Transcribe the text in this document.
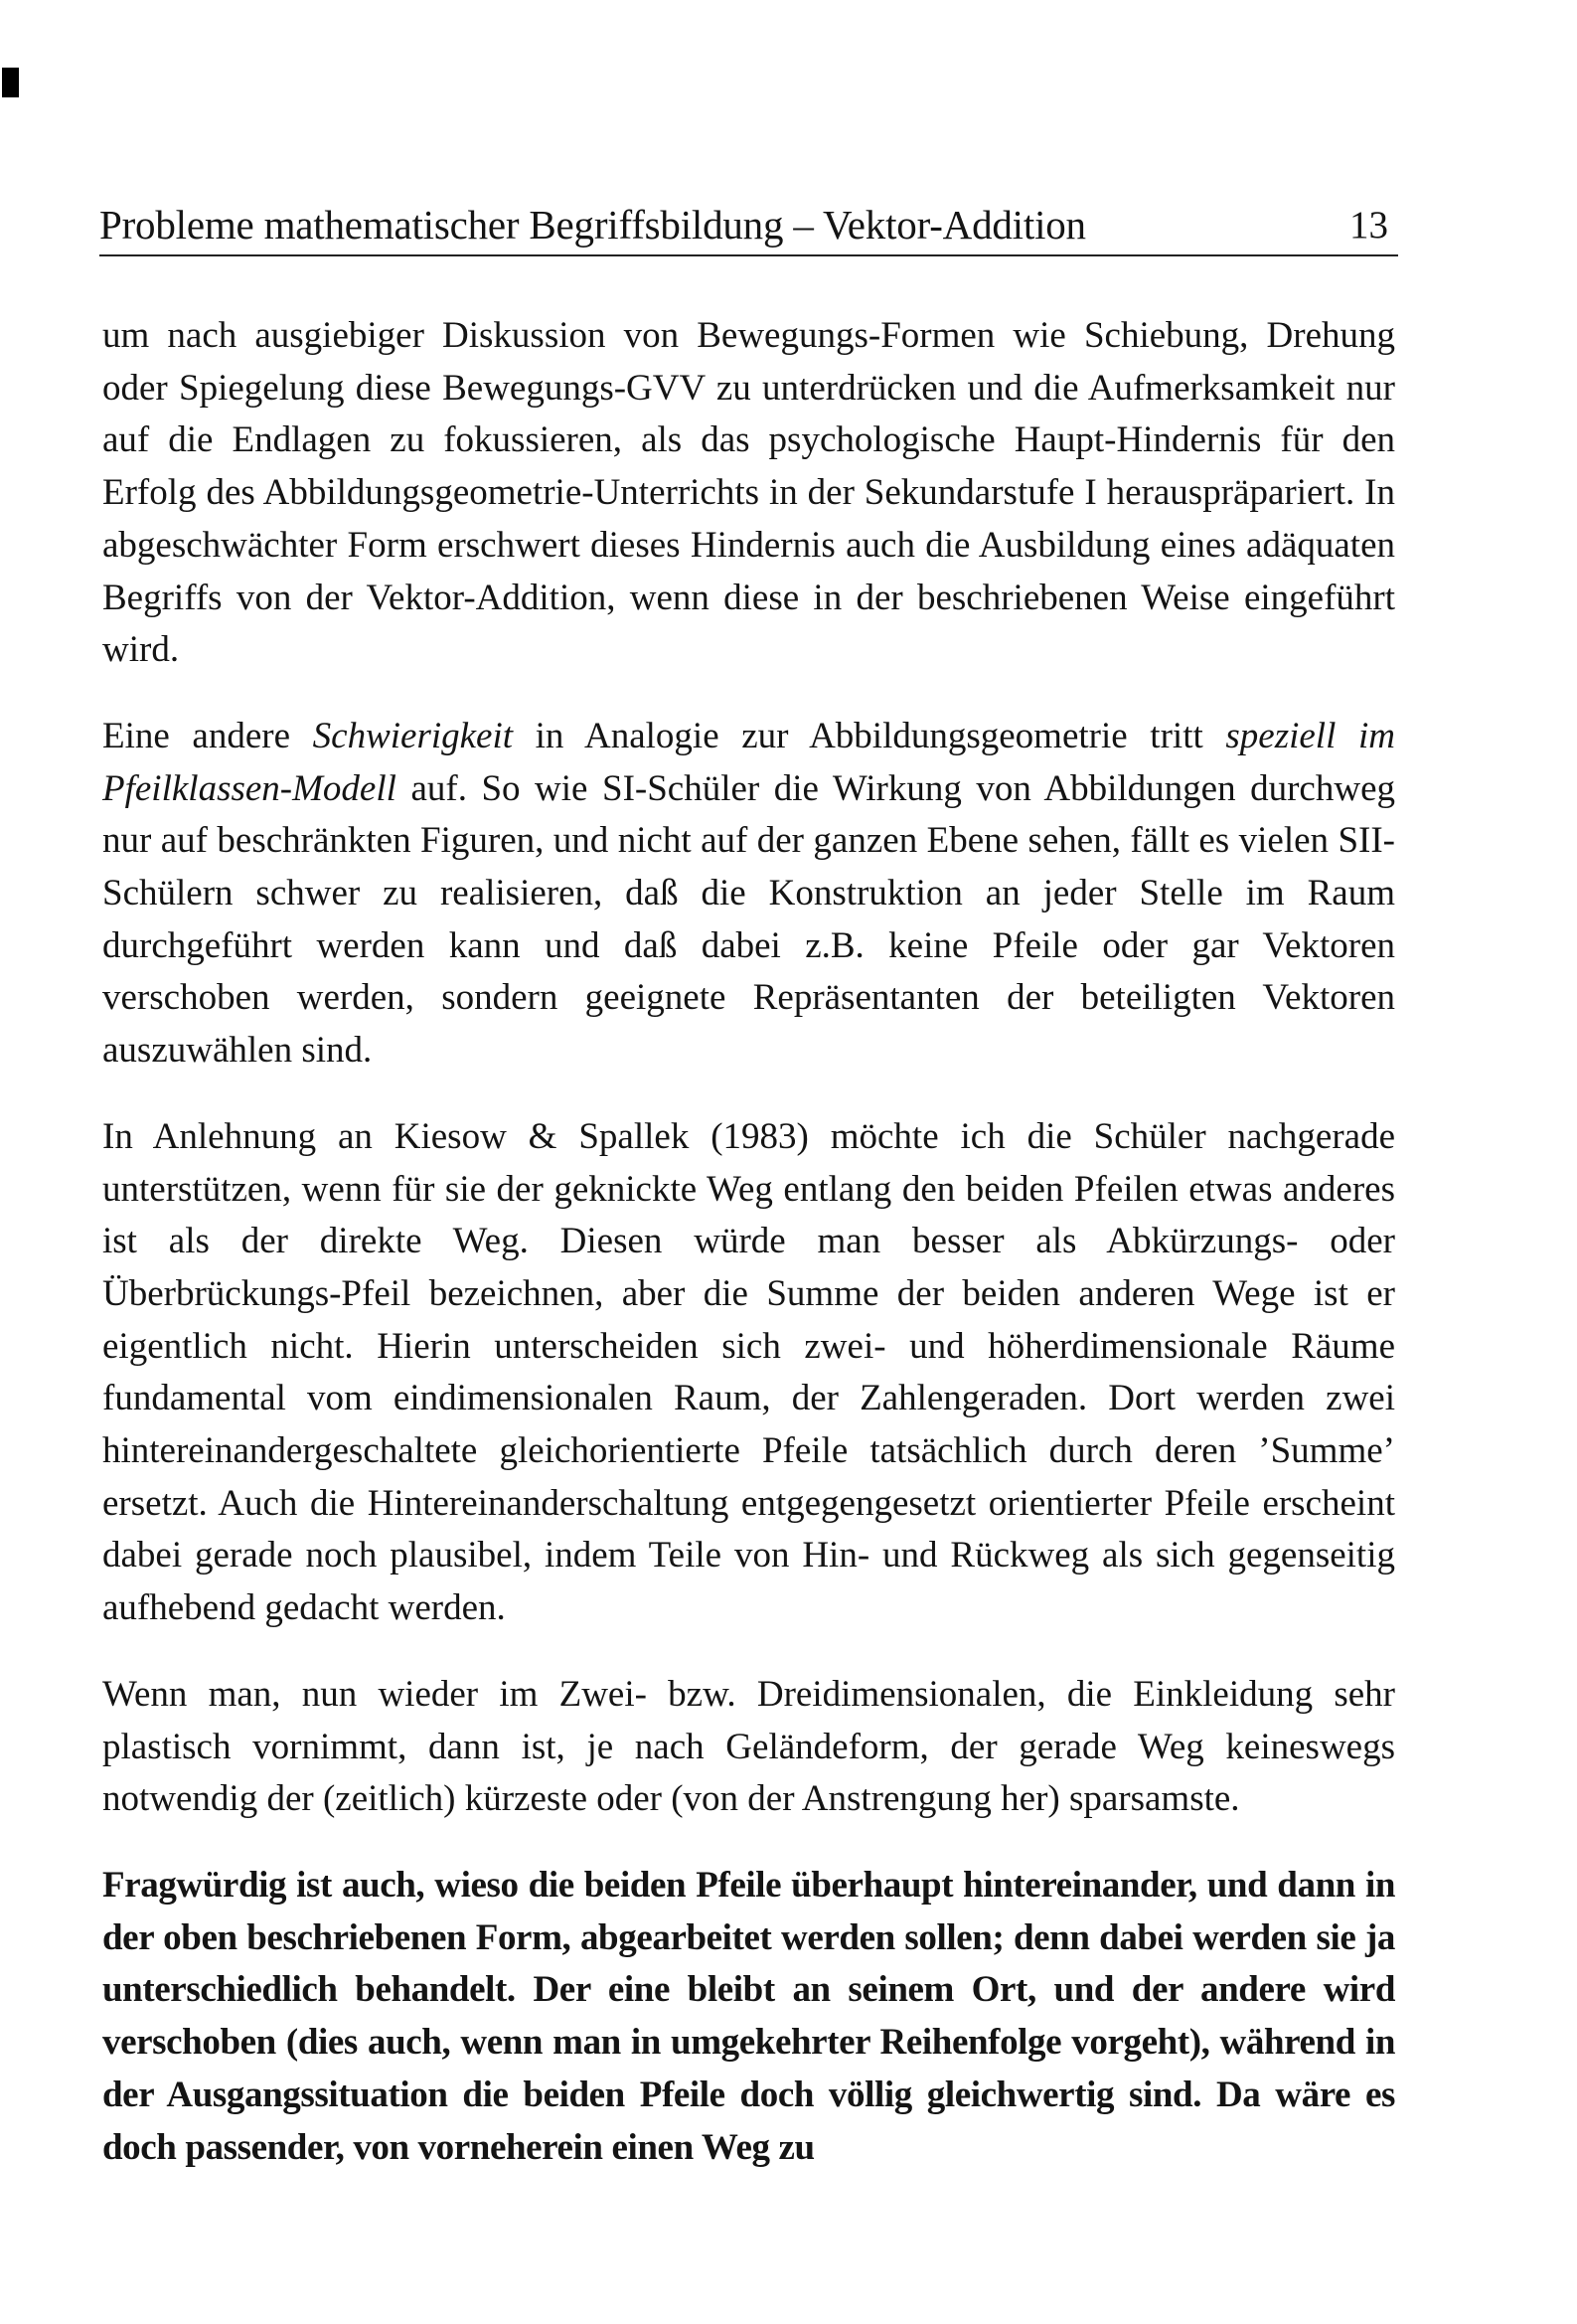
Probleme mathematischer Begriffsbildung – Vektor-Addition	13

um nach ausgiebiger Diskussion von Bewegungs-Formen wie Schiebung, Drehung oder Spiegelung diese Bewegungs-GVV zu unterdrücken und die Aufmerksamkeit nur auf die Endlagen zu fokussieren, als das psychologische Haupt-Hindernis für den Erfolg des Abbildungsgeometrie-Unterrichts in der Sekundarstufe I herauspräpariert. In abgeschwächter Form erschwert dieses Hindernis auch die Ausbildung eines adäquaten Begriffs von der Vektor-Addition, wenn diese in der beschriebenen Weise eingeführt wird.

Eine andere Schwierigkeit in Analogie zur Abbildungsgeometrie tritt speziell im Pfeilklassen-Modell auf. So wie SI-Schüler die Wirkung von Abbildungen durchweg nur auf beschränkten Figuren, und nicht auf der ganzen Ebene sehen, fällt es vielen SII-Schülern schwer zu realisieren, daß die Konstruktion an jeder Stelle im Raum durchgeführt werden kann und daß dabei z.B. keine Pfeile oder gar Vektoren verschoben werden, sondern geeignete Repräsentanten der beteiligten Vektoren auszuwählen sind.

In Anlehnung an Kiesow & Spallek (1983) möchte ich die Schüler nachgerade unterstützen, wenn für sie der geknickte Weg entlang den beiden Pfeilen etwas anderes ist als der direkte Weg. Diesen würde man besser als Abkürzungs- oder Überbrückungs-Pfeil bezeichnen, aber die Summe der beiden anderen Wege ist er eigentlich nicht. Hierin unterscheiden sich zwei- und höherdimensionale Räume fundamental vom eindimensionalen Raum, der Zahlengeraden. Dort werden zwei hintereinandergeschaltete gleichorientierte Pfeile tatsächlich durch deren ’Summe’ ersetzt. Auch die Hintereinanderschaltung entgegengesetzt orientierter Pfeile erscheint dabei gerade noch plausibel, indem Teile von Hin- und Rückweg als sich gegenseitig aufhebend gedacht werden.

Wenn man, nun wieder im Zwei- bzw. Dreidimensionalen, die Einkleidung sehr plastisch vornimmt, dann ist, je nach Geländeform, der gerade Weg keineswegs notwendig der (zeitlich) kürzeste oder (von der Anstrengung her) sparsamste.

Fragwürdig ist auch, wieso die beiden Pfeile überhaupt hintereinander, und dann in der oben beschriebenen Form, abgearbeitet werden sollen; denn dabei werden sie ja unterschiedlich behandelt. Der eine bleibt an seinem Ort, und der andere wird verschoben (dies auch, wenn man in umgekehrter Reihenfolge vorgeht), während in der Ausgangssituation die beiden Pfeile doch völlig gleichwertig sind. Da wäre es doch passender, von vorneherein einen Weg zu
